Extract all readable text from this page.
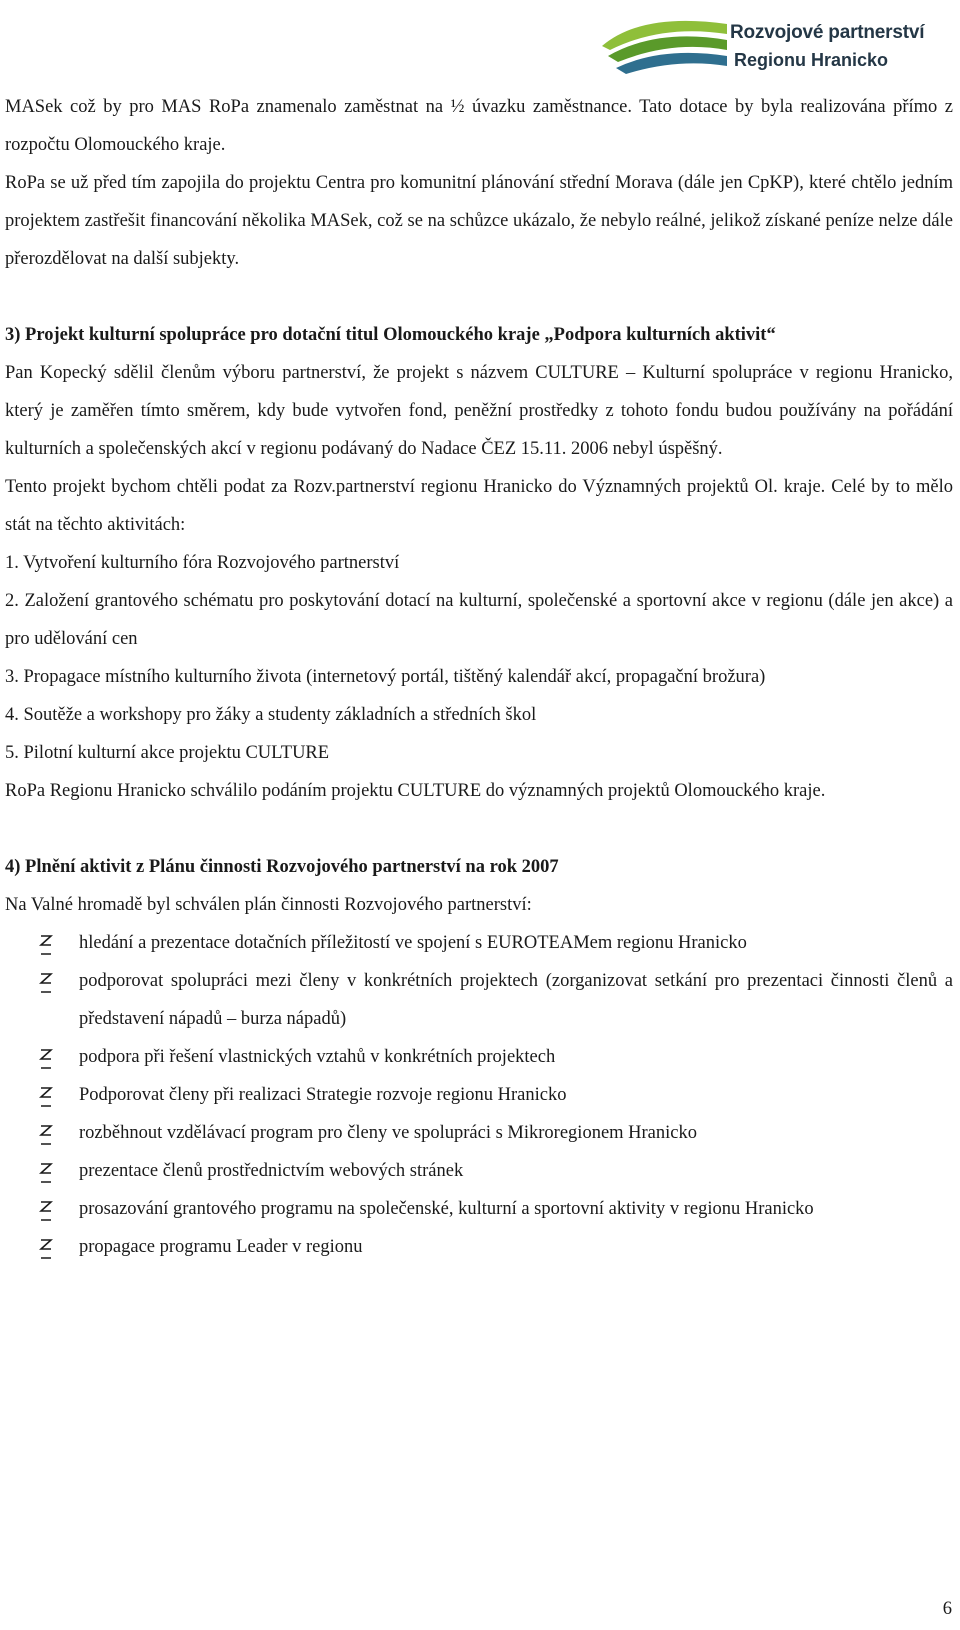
Rozvojové partnerství
Regionu Hranicko

MASek což by pro MAS RoPa znamenalo zaměstnat na ½ úvazku zaměstnance. Tato dotace by byla realizována přímo z rozpočtu Olomouckého kraje.

RoPa se už před tím zapojila do projektu Centra pro komunitní plánování střední Morava (dále jen CpKP), které chtělo jedním projektem zastřešit financování několika MASek, což se na schůzce ukázalo, že nebylo reálné, jelikož získané peníze nelze dále přerozdělovat na další subjekty.

3) Projekt kulturní spolupráce pro dotační titul Olomouckého kraje „Podpora kulturních aktivit“

Pan Kopecký sdělil členům výboru partnerství, že projekt s názvem CULTURE – Kulturní spolupráce v regionu Hranicko, který je zaměřen tímto směrem, kdy bude vytvořen fond, peněžní prostředky z tohoto fondu budou používány na pořádání kulturních a společenských akcí v regionu podávaný do Nadace ČEZ 15.11. 2006 nebyl úspěšný.

Tento projekt bychom chtěli podat za Rozv.partnerství regionu Hranicko do Významných projektů Ol. kraje. Celé by to mělo stát na těchto aktivitách:

1. Vytvoření kulturního fóra Rozvojového partnerství

2. Založení grantového schématu pro poskytování dotací na kulturní, společenské a sportovní akce v regionu (dále jen akce) a pro udělování cen

3. Propagace místního kulturního života (internetový portál, tištěný kalendář akcí, propagační brožura)

4. Soutěže a workshopy pro žáky a studenty základních a středních škol

5. Pilotní kulturní akce projektu CULTURE

RoPa Regionu Hranicko schválilo podáním projektu CULTURE do významných projektů Olomouckého kraje.

4) Plnění aktivit z Plánu činnosti Rozvojového partnerství na rok 2007

Na Valné hromadě byl schválen plán činnosti Rozvojového partnerství:

hledání a prezentace dotačních příležitostí ve spojení s EUROTEAMem regionu Hranicko
podporovat spolupráci mezi členy v konkrétních projektech (zorganizovat setkání pro prezentaci činnosti členů a představení nápadů – burza nápadů)
podpora při řešení vlastnických vztahů v konkrétních projektech
Podporovat členy při realizaci Strategie rozvoje regionu Hranicko
rozběhnout vzdělávací program pro členy ve spolupráci s Mikroregionem Hranicko
prezentace členů prostřednictvím webových stránek
prosazování grantového programu na společenské, kulturní a sportovní aktivity v regionu Hranicko
propagace programu Leader v regionu
6
